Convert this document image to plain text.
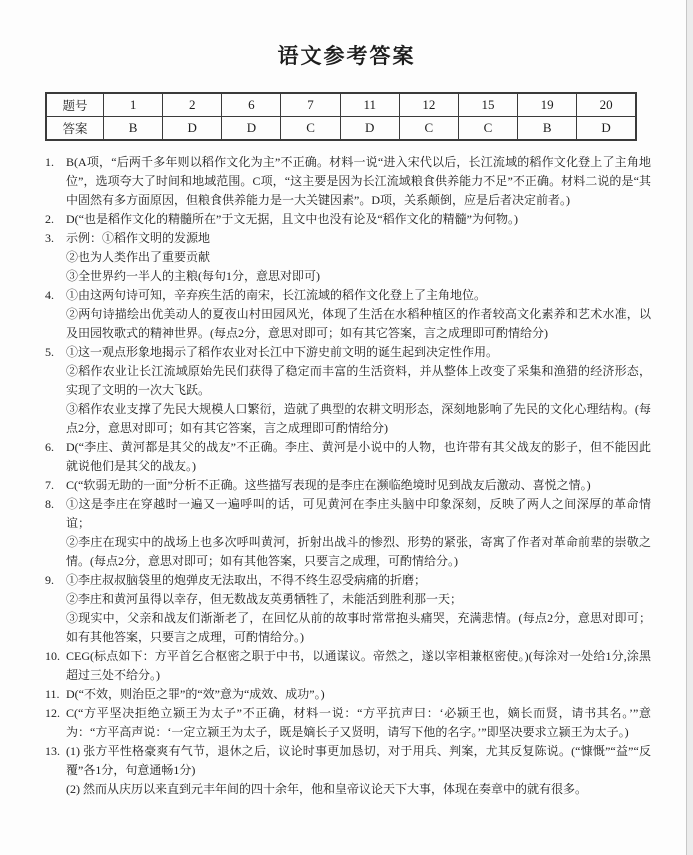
语文参考答案
题号	1	2	6	7	11	12	15	19	20
答案	B	D	D	C	D	C	C	B	D
1.	B(A项，“后两千多年则以稻作文化为主”不正确。材料一说“进入宋代以后，长江流域的稻作文化登上了主角地位”，选项夸大了时间和地域范围。C项，“这主要是因为长江流域粮食供养能力不足”不正确。材料二说的是“其中固然有多方面原因，但粮食供养能力是一大关键因素”。D项，关系颠倒，应是后者决定前者。)
2.	D(“也是稻作文化的精髓所在”于文无据，且文中也没有论及“稻作文化的精髓”为何物。)
3.	示例：①稻作文明的发源地
②也为人类作出了重要贡献
③全世界约一半人的主粮(每句1分，意思对即可)
4.	①由这两句诗可知，辛弃疾生活的南宋，长江流域的稻作文化登上了主角地位。
②两句诗描绘出优美动人的夏夜山村田园风光，体现了生活在水稻种植区的作者较高文化素养和艺术水准，以及田园牧歌式的精神世界。(每点2分，意思对即可；如有其它答案，言之成理即可酌情给分)
5.	①这一观点形象地揭示了稻作农业对长江中下游史前文明的诞生起到决定性作用。
②稻作农业让长江流域原始先民们获得了稳定而丰富的生活资料，并从整体上改变了采集和渔猎的经济形态，实现了文明的一次大飞跃。
③稻作农业支撑了先民大规模人口繁衍，造就了典型的农耕文明形态，深刻地影响了先民的文化心理结构。(每点2分，意思对即可；如有其它答案，言之成理即可酌情给分)
6.	D(“李庄、黄河都是其父的战友”不正确。李庄、黄河是小说中的人物，也许带有其父战友的影子，但不能因此就说他们是其父的战友。)
7.	C(“软弱无助的一面”分析不正确。这些描写表现的是李庄在濒临绝境时见到战友后激动、喜悦之情。)
8.	①这是李庄在穿越时一遍又一遍呼叫的话，可见黄河在李庄头脑中印象深刻，反映了两人之间深厚的革命情谊；
②李庄在现实中的战场上也多次呼叫黄河，折射出战斗的惨烈、形势的紧张，寄寓了作者对革命前辈的崇敬之情。(每点2分，意思对即可；如有其他答案，只要言之成理，可酌情给分。)
9.	①李庄叔叔脑袋里的炮弹皮无法取出，不得不终生忍受病痛的折磨；
②李庄和黄河虽得以幸存，但无数战友英勇牺牲了，未能活到胜利那一天；
③现实中，父亲和战友们渐渐老了，在回忆从前的故事时常常抱头痛哭，充满悲情。(每点2分，意思对即可；如有其他答案，只要言之成理，可酌情给分。)
10. CEG(标点如下：方平首乞合枢密之职于中书，以通谋议。帝然之，遂以宰相兼枢密使。)(每涂对一处给1分,涂黑超过三处不给分。)
11. D(“不效，则治臣之罪”的“效”意为“成效、成功”。)
12. C(“方平坚决拒绝立颍王为太子”不正确，材料一说：“方平抗声曰：‘必颍王也，嫡长而贤，请书其名。’”意为：“方平高声说：‘一定立颍王为太子，既是嫡长子又贤明，请写下他的名字。’”即坚决要求立颍王为太子。)
13. (1) 张方平性格豪爽有气节，退休之后，议论时事更加恳切，对于用兵、判案，尤其反复陈说。(“慷慨”“益”“反覆”各1分，句意通畅1分)
(2) 然而从庆历以来直到元丰年间的四十余年，他和皇帝议论天下大事，体现在奏章中的就有很多。
